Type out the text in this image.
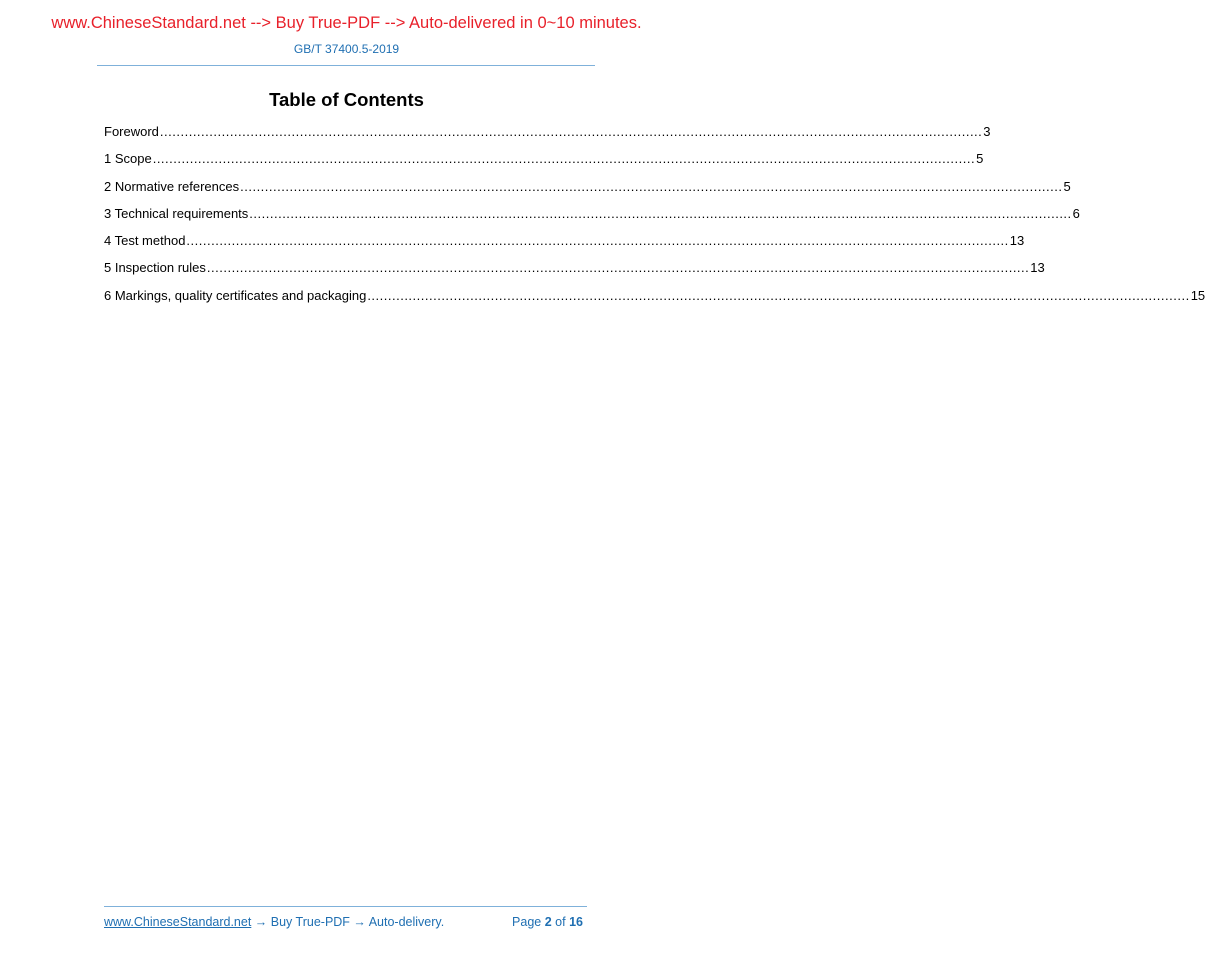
www.ChineseStandard.net --> Buy True-PDF --> Auto-delivered in 0~10 minutes.
GB/T 37400.5-2019
Table of Contents
Foreword ........................................................................................................................................................................................................ 3
1 Scope ........................................................................................................................................................................................................ 5
2 Normative references ........................................................................................................................................................................................................ 5
3 Technical requirements ........................................................................................................................................................................................................ 6
4 Test method ........................................................................................................................................................................................................ 13
5 Inspection rules ........................................................................................................................................................................................................ 13
6 Markings, quality certificates and packaging ........................................................................................................................................................................................................ 15
www.ChineseStandard.net → Buy True-PDF → Auto-delivery.	Page 2 of 16
